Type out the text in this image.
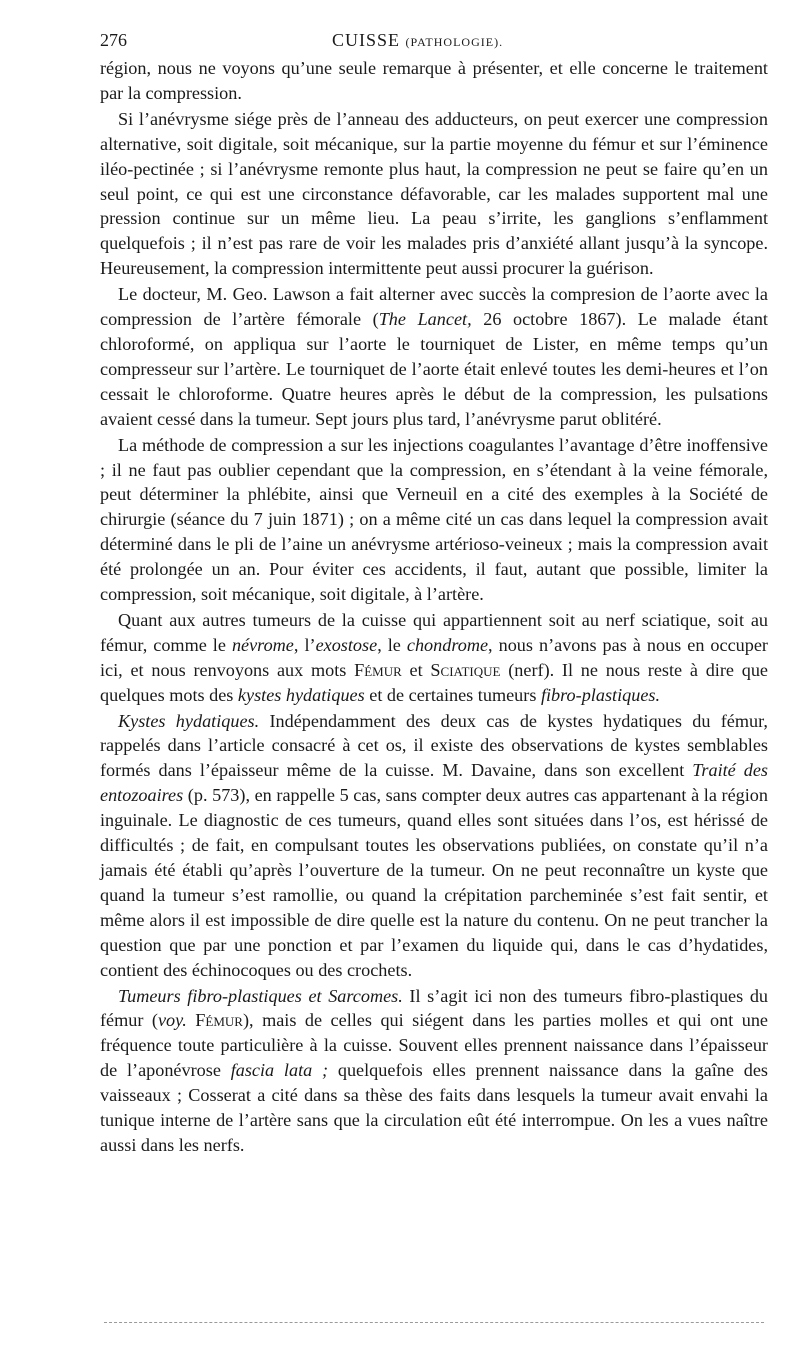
276	CUISSE (PATHOLOGIE).

région, nous ne voyons qu’une seule remarque à présenter, et elle concerne le traitement par la compression.

Si l’anévrysme siége près de l’anneau des adducteurs, on peut exercer une compression alternative, soit digitale, soit mécanique, sur la partie moyenne du fémur et sur l’éminence iléo-pectinée ; si l’anévrysme remonte plus haut, la compression ne peut se faire qu’en un seul point, ce qui est une circonstance défavorable, car les malades supportent mal une pression continue sur un même lieu. La peau s’irrite, les ganglions s’enflamment quelquefois ; il n’est pas rare de voir les malades pris d’anxiété allant jusqu’à la syncope. Heureusement, la compression intermittente peut aussi procurer la guérison.

Le docteur, M. Geo. Lawson a fait alterner avec succès la compresion de l’aorte avec la compression de l’artère fémorale (The Lancet, 26 octobre 1867). Le malade étant chloroformé, on appliqua sur l’aorte le tourniquet de Lister, en même temps qu’un compresseur sur l’artère. Le tourniquet de l’aorte était enlevé toutes les demi-heures et l’on cessait le chloroforme. Quatre heures après le début de la compression, les pulsations avaient cessé dans la tumeur. Sept jours plus tard, l’anévrysme parut oblitéré.

La méthode de compression a sur les injections coagulantes l’avantage d’être inoffensive ; il ne faut pas oublier cependant que la compression, en s’étendant à la veine fémorale, peut déterminer la phlébite, ainsi que Verneuil en a cité des exemples à la Société de chirurgie (séance du 7 juin 1871) ; on a même cité un cas dans lequel la compression avait déterminé dans le pli de l’aine un anévrysme artérioso-veineux ; mais la compression avait été prolongée un an. Pour éviter ces accidents, il faut, autant que possible, limiter la compression, soit mécanique, soit digitale, à l’artère.

Quant aux autres tumeurs de la cuisse qui appartiennent soit au nerf sciatique, soit au fémur, comme le névrome, l’exostose, le chondrome, nous n’avons pas à nous en occuper ici, et nous renvoyons aux mots Fémur et Sciatique (nerf). Il ne nous reste à dire que quelques mots des kystes hydatiques et de certaines tumeurs fibro-plastiques.

Kystes hydatiques. Indépendamment des deux cas de kystes hydatiques du fémur, rappelés dans l’article consacré à cet os, il existe des observations de kystes semblables formés dans l’épaisseur même de la cuisse. M. Davaine, dans son excellent Traité des entozoaires (p. 573), en rappelle 5 cas, sans compter deux autres cas appartenant à la région inguinale. Le diagnostic de ces tumeurs, quand elles sont situées dans l’os, est hérissé de difficultés ; de fait, en compulsant toutes les observations publiées, on constate qu’il n’a jamais été établi qu’après l’ouverture de la tumeur. On ne peut reconnaître un kyste que quand la tumeur s’est ramollie, ou quand la crépitation parcheminée s’est fait sentir, et même alors il est impossible de dire quelle est la nature du contenu. On ne peut trancher la question que par une ponction et par l’examen du liquide qui, dans le cas d’hydatides, contient des échinocoques ou des crochets.

Tumeurs fibro-plastiques et Sarcomes. Il s’agit ici non des tumeurs fibro-plastiques du fémur (voy. Fémur), mais de celles qui siégent dans les parties molles et qui ont une fréquence toute particulière à la cuisse. Souvent elles prennent naissance dans l’épaisseur de l’aponévrose fascia lata ; quelquefois elles prennent naissance dans la gaîne des vaisseaux ; Cosserat a cité dans sa thèse des faits dans lesquels la tumeur avait envahi la tunique interne de l’artère sans que la circulation eût été interrompue. On les a vues naître aussi dans les nerfs.
